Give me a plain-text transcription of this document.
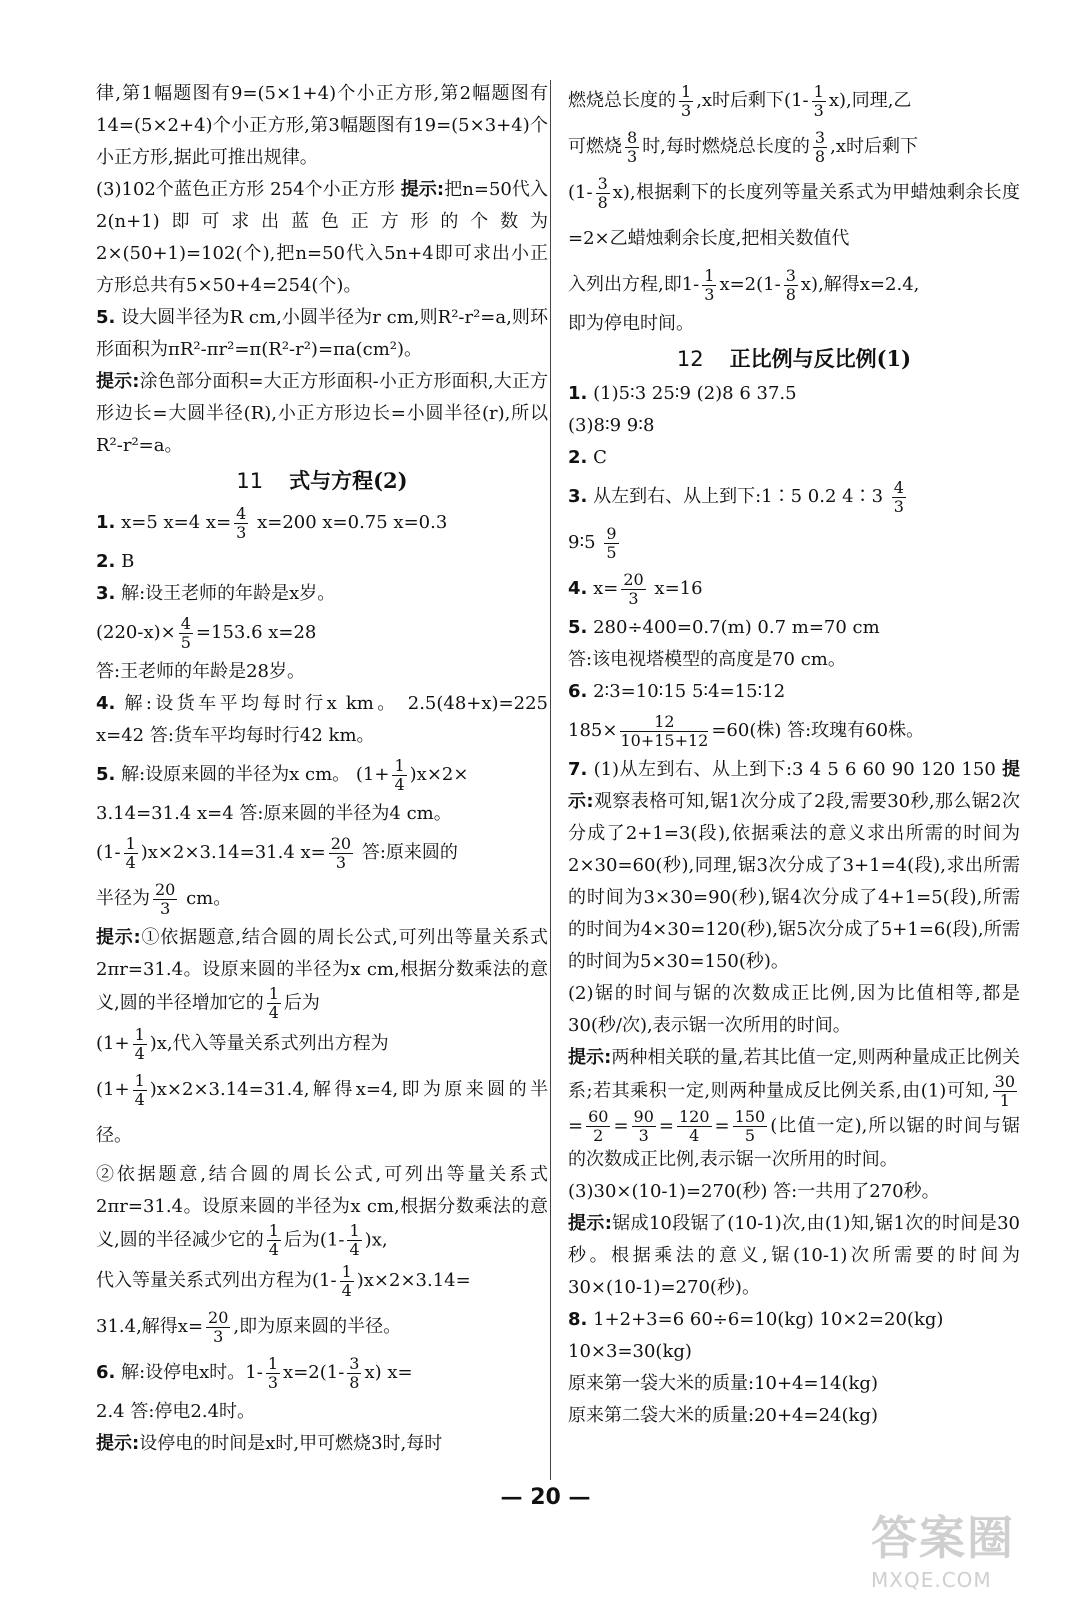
律,第1幅题图有9=(5×1+4)个小正方形,第2幅题图有14=(5×2+4)个小正方形,第3幅题图有19=(5×3+4)个小正方形,据此可推出规律。

(3)102个蓝色正方形 254个小正方形 提示:把n=50代入2(n+1)即可求出蓝色正方形的个数为2×(50+1)=102(个),把n=50代入5n+4即可求出小正方形总共有5×50+4=254(个)。

5. 设大圆半径为R cm,小圆半径为r cm,则R²-r²=a,则环形面积为πR²-πr²=π(R²-r²)=πa(cm²)。

提示:涂色部分面积=大正方形面积-小正方形面积,大正方形边长=大圆半径(R),小正方形边长=小圆半径(r),所以R²-r²=a。

11 式与方程(2)
1. x=5 x=4 $x= \frac{4}{3} x=200$ x=0.75 x=0.3
2. B
3. 解:设王老师的年龄是x岁。
$(220-x)\times \frac{4}{5} =153.6$ x=28
答:王老师的年龄是28岁。

4. 解:设货车平均每时行x km。 2.5(48+x)=225 x=42 答:货车平均每时行42 km。

5. 解:设原来圆的半径为x cm。 $(1+ \frac{1}{4} )x\times 2\times$
3.14=31.4 x=4 答:原来圆的半径为4 cm。
$(1- \frac{1}{4} )x\times 2\times 3.14=31.4$ $x= \frac{20}{3}$ 答:原来圆的
半径为 $\frac{20}{3}$ cm。

提示:①依据题意,结合圆的周长公式,可列出等量关系式2πr=31.4。设原来圆的半径为x cm,根据分数乘法的意义,圆的半径增加它的 $\frac{1}{4}$ 后为

$(1+ \frac{1}{4} )x$,代入等量关系式列出方程为

$(1+ \frac{1}{4} )x\times 2\times 3.14=31.4$,解得x=4,即为原来圆的半径。

②依据题意,结合圆的周长公式,可列出等量关系式2πr=31.4。设原来圆的半径为x cm,根据分数乘法的意义,圆的半径减少它的 $\frac{1}{4}$ 后为$(1- \frac{1}{4} )x$,

代入等量关系式列出方程为$(1- \frac{1}{4} )x\times 2\times 3.14=$
31.4,解得$x= \frac{20}{3}$ ,即为原来圆的半径。
6. 解:设停电x时。$1- \frac{1}{3} x=2(1- \frac{3}{8} x)$ x=
2.4 答:停电2.4时。
提示:设停电的时间是x时,甲可燃烧3时,每时
燃烧总长度的 $\frac{1}{3} ,x$时后剩下$(1- \frac{1}{3} x)$,同理,乙
可燃烧 $\frac{8}{3}$ 时,每时燃烧总长度的 $\frac{3}{8} ,x$时后剩下

$(1- \frac{3}{8} x)$,根据剩下的长度列等量关系式为甲蜡烛剩余长度=2×乙蜡烛剩余长度,把相关数值代

入列出方程,即$1- \frac{1}{3} x=2(1- \frac{3}{8} x)$,解得x=2.4,
即为停电时间。
12 正比例与反比例(1)
1. (1)5∶3 25∶9 (2)8 6 37.5
(3)8∶9 9∶8
2. C
3. 从左到右、从上到下:1∶5 0.2 4∶3 $\frac{4}{3}$
9∶5 $\frac{9}{5}$
4. $x= \frac{20}{3} x=16$
5. 280÷400=0.7(m) 0.7 m=70 cm
答:该电视塔模型的高度是70 cm。
6. 2∶3=10∶15 5∶4=15∶12
$185\times \frac{12}{10+15+12} =60$(株) 答:玫瑰有60株。

7. (1)从左到右、从上到下:3 4 5 6 60 90 120 150 提示:观察表格可知,锯1次分成了2段,需要30秒,那么锯2次分成了2+1=3(段),依据乘法的意义求出所需的时间为2×30=60(秒),同理,锯3次分成了3+1=4(段),求出所需的时间为3×30=90(秒),锯4次分成了4+1=5(段),所需的时间为4×30=120(秒),锯5次分成了5+1=6(段),所需的时间为5×30=150(秒)。

(2)锯的时间与锯的次数成正比例,因为比值相等,都是30(秒/次),表示锯一次所用的时间。

提示:两种相关联的量,若其比值一定,则两种量成正比例关系;若其乘积一定,则两种量成反比例关系,由(1)可知, $\frac{30}{1}$
= $\frac{60}{2} = \frac{90}{3} = \frac{120}{4} = \frac{150}{5}$ (比值一定),所以锯的时间与锯的次数成正比例,表示锯一次所用的时间。

(3)30×(10-1)=270(秒) 答:一共用了270秒。

提示:锯成10段锯了(10-1)次,由(1)知,锯1次的时间是30秒。根据乘法的意义,锯(10-1)次所需要的时间为30×(10-1)=270(秒)。

8. 1+2+3=6 60÷6=10(kg) 10×2=20(kg)
10×3=30(kg)
原来第一袋大米的质量:10+4=14(kg)
原来第二袋大米的质量:20+4=24(kg)
— 20 —
答案圈
MXQE.COM
